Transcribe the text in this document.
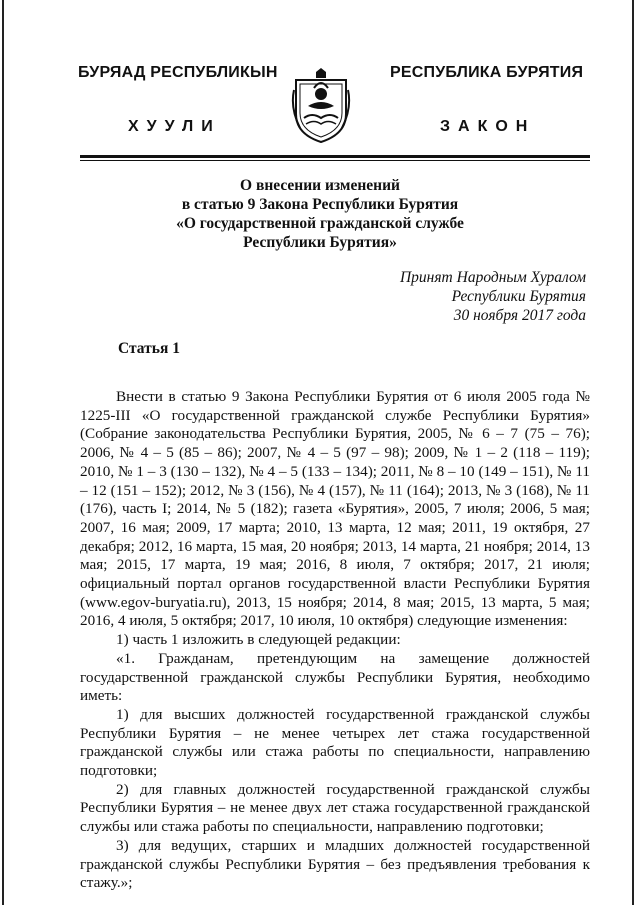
БУРЯАД РЕСПУБЛИКЫН	РЕСПУБЛИКА БУРЯТИЯ
ХУУЛИ	ЗАКОН
О внесении изменений
в статью 9 Закона Республики Бурятия
«О государственной гражданской службе
Республики Бурятия»
Принят Народным Хуралом
Республики Бурятия
30 ноября 2017 года
Статья 1

Внести в статью 9 Закона Республики Бурятия от 6 июля 2005 года № 1225-III «О государственной гражданской службе Республики Бурятия» (Собрание законодательства Республики Бурятия, 2005, № 6 – 7 (75 – 76); 2006, № 4 – 5 (85 – 86); 2007, № 4 – 5 (97 – 98); 2009, № 1 – 2 (118 – 119); 2010, № 1 – 3 (130 – 132), № 4 – 5 (133 – 134); 2011, № 8 – 10 (149 – 151), № 11 – 12 (151 – 152); 2012, № 3 (156), № 4 (157), № 11 (164); 2013, № 3 (168), № 11 (176), часть I; 2014, № 5 (182); газета «Бурятия», 2005, 7 июля; 2006, 5 мая; 2007, 16 мая; 2009, 17 марта; 2010, 13 марта, 12 мая; 2011, 19 октября, 27 декабря; 2012, 16 марта, 15 мая, 20 ноября; 2013, 14 марта, 21 ноября; 2014, 13 мая; 2015, 17 марта, 19 мая; 2016, 8 июля, 7 октября; 2017, 21 июля; официальный портал органов государственной власти Республики Бурятия (www.egov-buryatia.ru), 2013, 15 ноября; 2014, 8 мая; 2015, 13 марта, 5 мая; 2016, 4 июля, 5 октября; 2017, 10 июля, 10 октября) следующие изменения:

1) часть 1 изложить в следующей редакции:

«1. Гражданам, претендующим на замещение должностей государственной гражданской службы Республики Бурятия, необходимо иметь:

1) для высших должностей государственной гражданской службы Республики Бурятия – не менее четырех лет стажа государственной гражданской службы или стажа работы по специальности, направлению подготовки;

2) для главных должностей государственной гражданской службы Республики Бурятия – не менее двух лет стажа государственной гражданской службы или стажа работы по специальности, направлению подготовки;

3) для ведущих, старших и младших должностей государственной гражданской службы Республики Бурятия – без предъявления требования к стажу.»;
